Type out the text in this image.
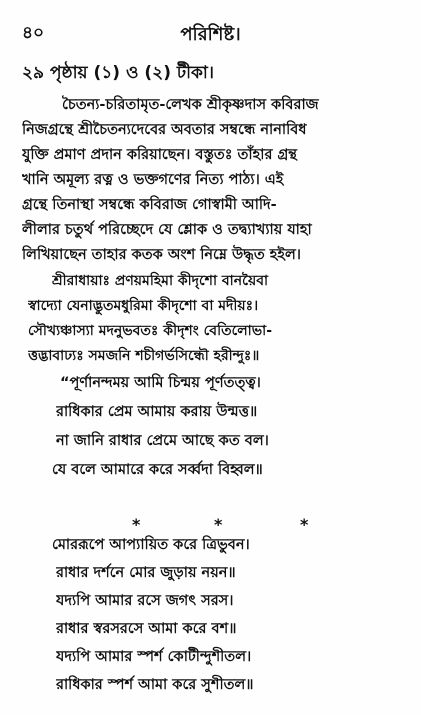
৪০	পরিশিষ্ট।
২৯ পৃষ্ঠায় (১) ও (২) টীকা।
চৈতন্য-চরিতামৃত-লেখক শ্রীকৃষ্ণদাস কবিরাজ
নিজগ্রন্থে শ্রীচৈতন্যদেবের অবতার সম্বন্ধে নানাবিধ
যুক্তি প্রমাণ প্রদান করিয়াছেন। বস্তুতঃ তাঁহার গ্রন্থ
খানি অমূল্য রত্ন ও ভক্তগণের নিত্য পাঠ্য। এই
গ্রন্থে তিনাস্থা সম্বন্ধে কবিরাজ গোস্বামী আদি-
লীলার চতুর্থ পরিচ্ছেদে যে শ্লোক ও তদ্ব্যাখ্যায় যাহা
লিখিয়াছেন তাহার কতক অংশ নিম্নে উদ্ধৃত হইল।
শ্রীরাধায়াঃ প্রণয়মহিমা কীদৃশো বানয়ৈবা
স্বাদ্যো যেনাদ্ভুতমধুরিমা কীদৃশো বা মদীয়ঃ।
সৌখ্যঞ্চাস্যা মদনুভবতঃ কীদৃশং বেতিলোভা-
ত্তদ্ভাবাঢ্যঃ সমজনি শচীগর্ভসিন্ধৌ হরীন্দুঃ॥
“পূর্ণানন্দময় আমি চিন্ময় পূর্ণতত্ত্ব।
রাধিকার প্রেম আমায় করায় উন্মত্ত॥
না জানি রাধার প্রেমে আছে কত বল।
যে বলে আমারে করে সর্ব্বদা বিহ্বল॥
*	*	*
মোররূপে আপ্যায়িত করে ত্রিভুবন।
রাধার দর্শনে মোর জুড়ায় নয়ন॥
যদ্যপি আমার রসে জগৎ সরস।
রাধার স্বরসরসে আমা করে বশ॥
যদ্যপি আমার স্পর্শ কোটীন্দুশীতল।
রাধিকার স্পর্শ আমা করে সুশীতল॥
